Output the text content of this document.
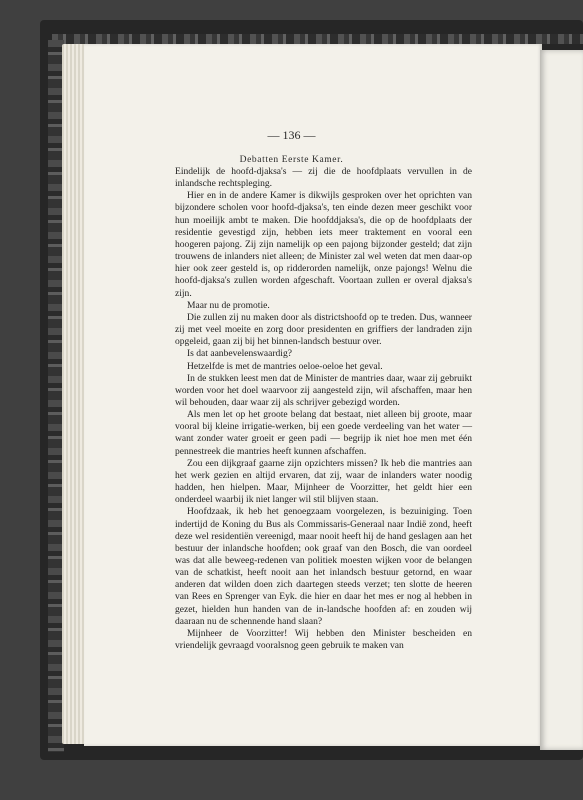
— 136 —
Debatten Eerste Kamer.

Eindelijk de hoofd-djaksa's — zij die de hoofdplaats vervullen in de inlandsche rechtspleging.

Hier en in de andere Kamer is dikwijls gesproken over het oprichten van bijzondere scholen voor hoofd-djaksa's, ten einde dezen meer geschikt voor hun moeilijk ambt te maken. Die hoofddjaksa's, die op de hoofdplaats der residentie gevestigd zijn, hebben iets meer traktement en vooral een hoogeren pajong. Zij zijn namelijk op een pajong bijzonder gesteld; dat zijn trouwens de inlanders niet alleen; de Minister zal wel weten dat men daar-op hier ook zeer gesteld is, op ridderorden namelijk, onze pajongs! Welnu die hoofd-djaksa's zullen worden afgeschaft. Voortaan zullen er overal djaksa's zijn.

Maar nu de promotie.

Die zullen zij nu maken door als districtshoofd op te treden. Dus, wanneer zij met veel moeite en zorg door presidenten en griffiers der landraden zijn opgeleid, gaan zij bij het binnen-landsch bestuur over.

Is dat aanbevelenswaardig?

Hetzelfde is met de mantries oeloe-oeloe het geval.

In de stukken leest men dat de Minister de mantries daar, waar zij gebruikt worden voor het doel waarvoor zij aangesteld zijn, wil afschaffen, maar hen wil behouden, daar waar zij als schrijver gebezigd worden.

Als men let op het groote belang dat bestaat, niet alleen bij groote, maar vooral bij kleine irrigatie-werken, bij een goede verdeeling van het water — want zonder water groeit er geen padi — begrijp ik niet hoe men met één pennestreek die mantries heeft kunnen afschaffen.

Zou een dijkgraaf gaarne zijn opzichters missen? Ik heb die mantries aan het werk gezien en altijd ervaren, dat zij, waar de inlanders water noodig hadden, hen hielpen. Maar, Mijnheer de Voorzitter, het geldt hier een onderdeel waarbij ik niet langer wil stil blijven staan.

Hoofdzaak, ik heb het genoegzaam voorgelezen, is bezuiniging. Toen indertijd de Koning du Bus als Commissaris-Generaal naar Indië zond, heeft deze wel residentiën vereenigd, maar nooit heeft hij de hand geslagen aan het bestuur der inlandsche hoofden; ook graaf van den Bosch, die van oordeel was dat alle beweeg-redenen van politiek moesten wijken voor de belangen van de schatkist, heeft nooit aan het inlandsch bestuur getornd, en waar anderen dat wilden doen zich daartegen steeds verzet; ten slotte de heeren van Rees en Sprenger van Eyk. die hier en daar het mes er nog al hebben in gezet, hielden hun handen van de in-landsche hoofden af: en zouden wij daaraan nu de schennende hand slaan?

Mijnheer de Voorzitter! Wij hebben den Minister bescheiden en vriendelijk gevraagd vooralsnog geen gebruik te maken van
